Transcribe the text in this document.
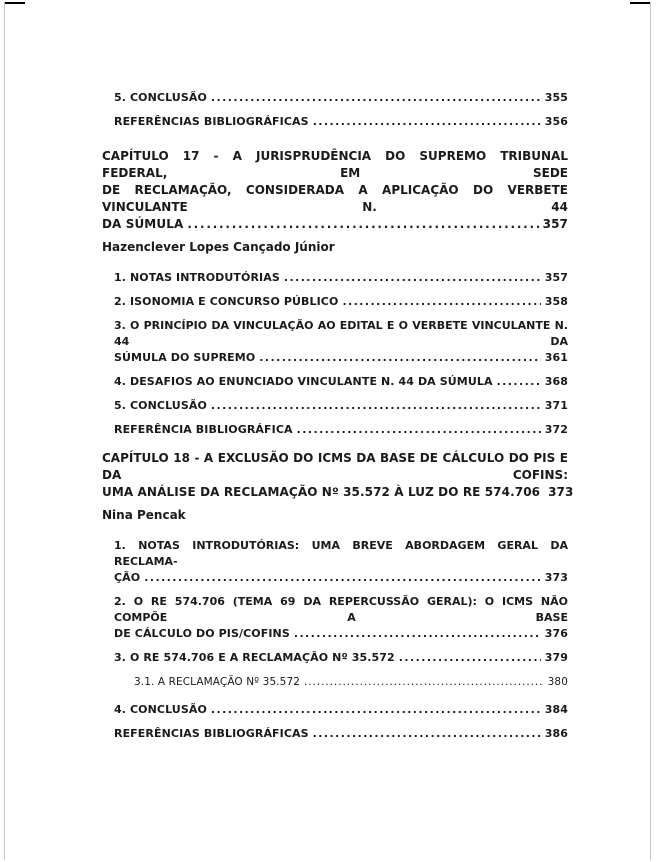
5. CONCLUSÃO . . .	355
REFERÊNCIAS BIBLIOGRÁFICAS . . .	356
CAPÍTULO 17 - A JURISPRUDÊNCIA DO SUPREMO TRIBUNAL FEDERAL, EM SEDE
DE RECLAMAÇÃO, CONSIDERADA A APLICAÇÃO DO VERBETE VINCULANTE N. 44
DA SÚMULA . . .	357
Hazenclever Lopes Cançado Júnior
1. NOTAS INTRODUTÓRIAS . . .	357
2. ISONOMIA E CONCURSO PÚBLICO . . .	358
3. O PRINCÍPIO DA VINCULAÇÃO AO EDITAL E O VERBETE VINCULANTE N. 44 DA
SÚMULA DO SUPREMO . . .	361
4. DESAFIOS AO ENUNCIADO VINCULANTE N. 44 DA SÚMULA . . .	368
5. CONCLUSÃO . . .	371
REFERÊNCIA BIBLIOGRÁFICA . . .	372
CAPÍTULO 18 - A EXCLUSÃO DO ICMS DA BASE DE CÁLCULO DO PIS E DA COFINS:
UMA ANÁLISE DA RECLAMAÇÃO Nº 35.572 À LUZ DO RE 574.706 373
Nina Pencak
1. NOTAS INTRODUTÓRIAS: UMA BREVE ABORDAGEM GERAL DA RECLAMA-
ÇÃO . . .	373
2. O RE 574.706 (TEMA 69 DA REPERCUSSÃO GERAL): O ICMS NÃO COMPÕE A BASE
DE CÁLCULO DO PIS/COFINS . . .	376
3. O RE 574.706 E A RECLAMAÇÃO Nº 35.572 . . .	379
3.1. A RECLAMAÇÃO Nº 35.572 . . .	380
4. CONCLUSÃO . . .	384
REFERÊNCIAS BIBLIOGRÁFICAS . . .	386
